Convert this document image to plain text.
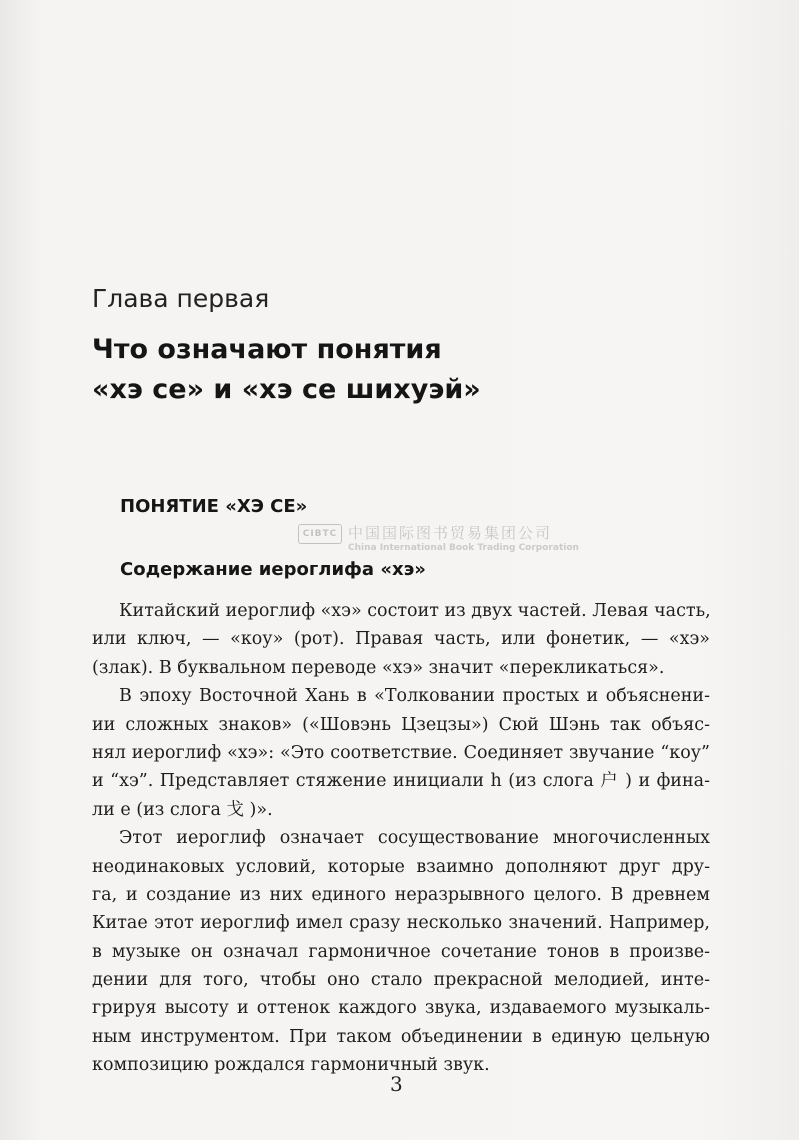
Глава первая
Что означают понятия
«хэ се» и «хэ се шихуэй»
ПОНЯТИЕ «ХЭ СЕ»
CIBTC 中国国际图书贸易集团公司
China International Book Trading Corporation
Содержание иероглифа «хэ»
Китайский иероглиф «хэ» состоит из двух частей. Левая часть,
или ключ, — «коу» (рот). Правая часть, или фонетик, — «хэ»
(злак). В буквальном переводе «хэ» значит «перекликаться».
В эпоху Восточной Хань в «Толковании простых и объяснени-
ии сложных знаков» («Шовэнь Цзецзы») Сюй Шэнь так объяс-
нял иероглиф «хэ»: «Это соответствие. Соединяет звучание “коу”
и “хэ”. Представляет стяжение инициали h (из слога 户 ) и фина-
ли е (из слога 戈 )».
Этот иероглиф означает сосуществование многочисленных
неодинаковых условий, которые взаимно дополняют друг дру-
га, и создание из них единого неразрывного целого. В древнем
Китае этот иероглиф имел сразу несколько значений. Например,
в музыке он означал гармоничное сочетание тонов в произве-
дении для того, чтобы оно стало прекрасной мелодией, инте-
грируя высоту и оттенок каждого звука, издаваемого музыкаль-
ным инструментом. При таком объединении в единую цельную
композицию рождался гармоничный звук.
3
